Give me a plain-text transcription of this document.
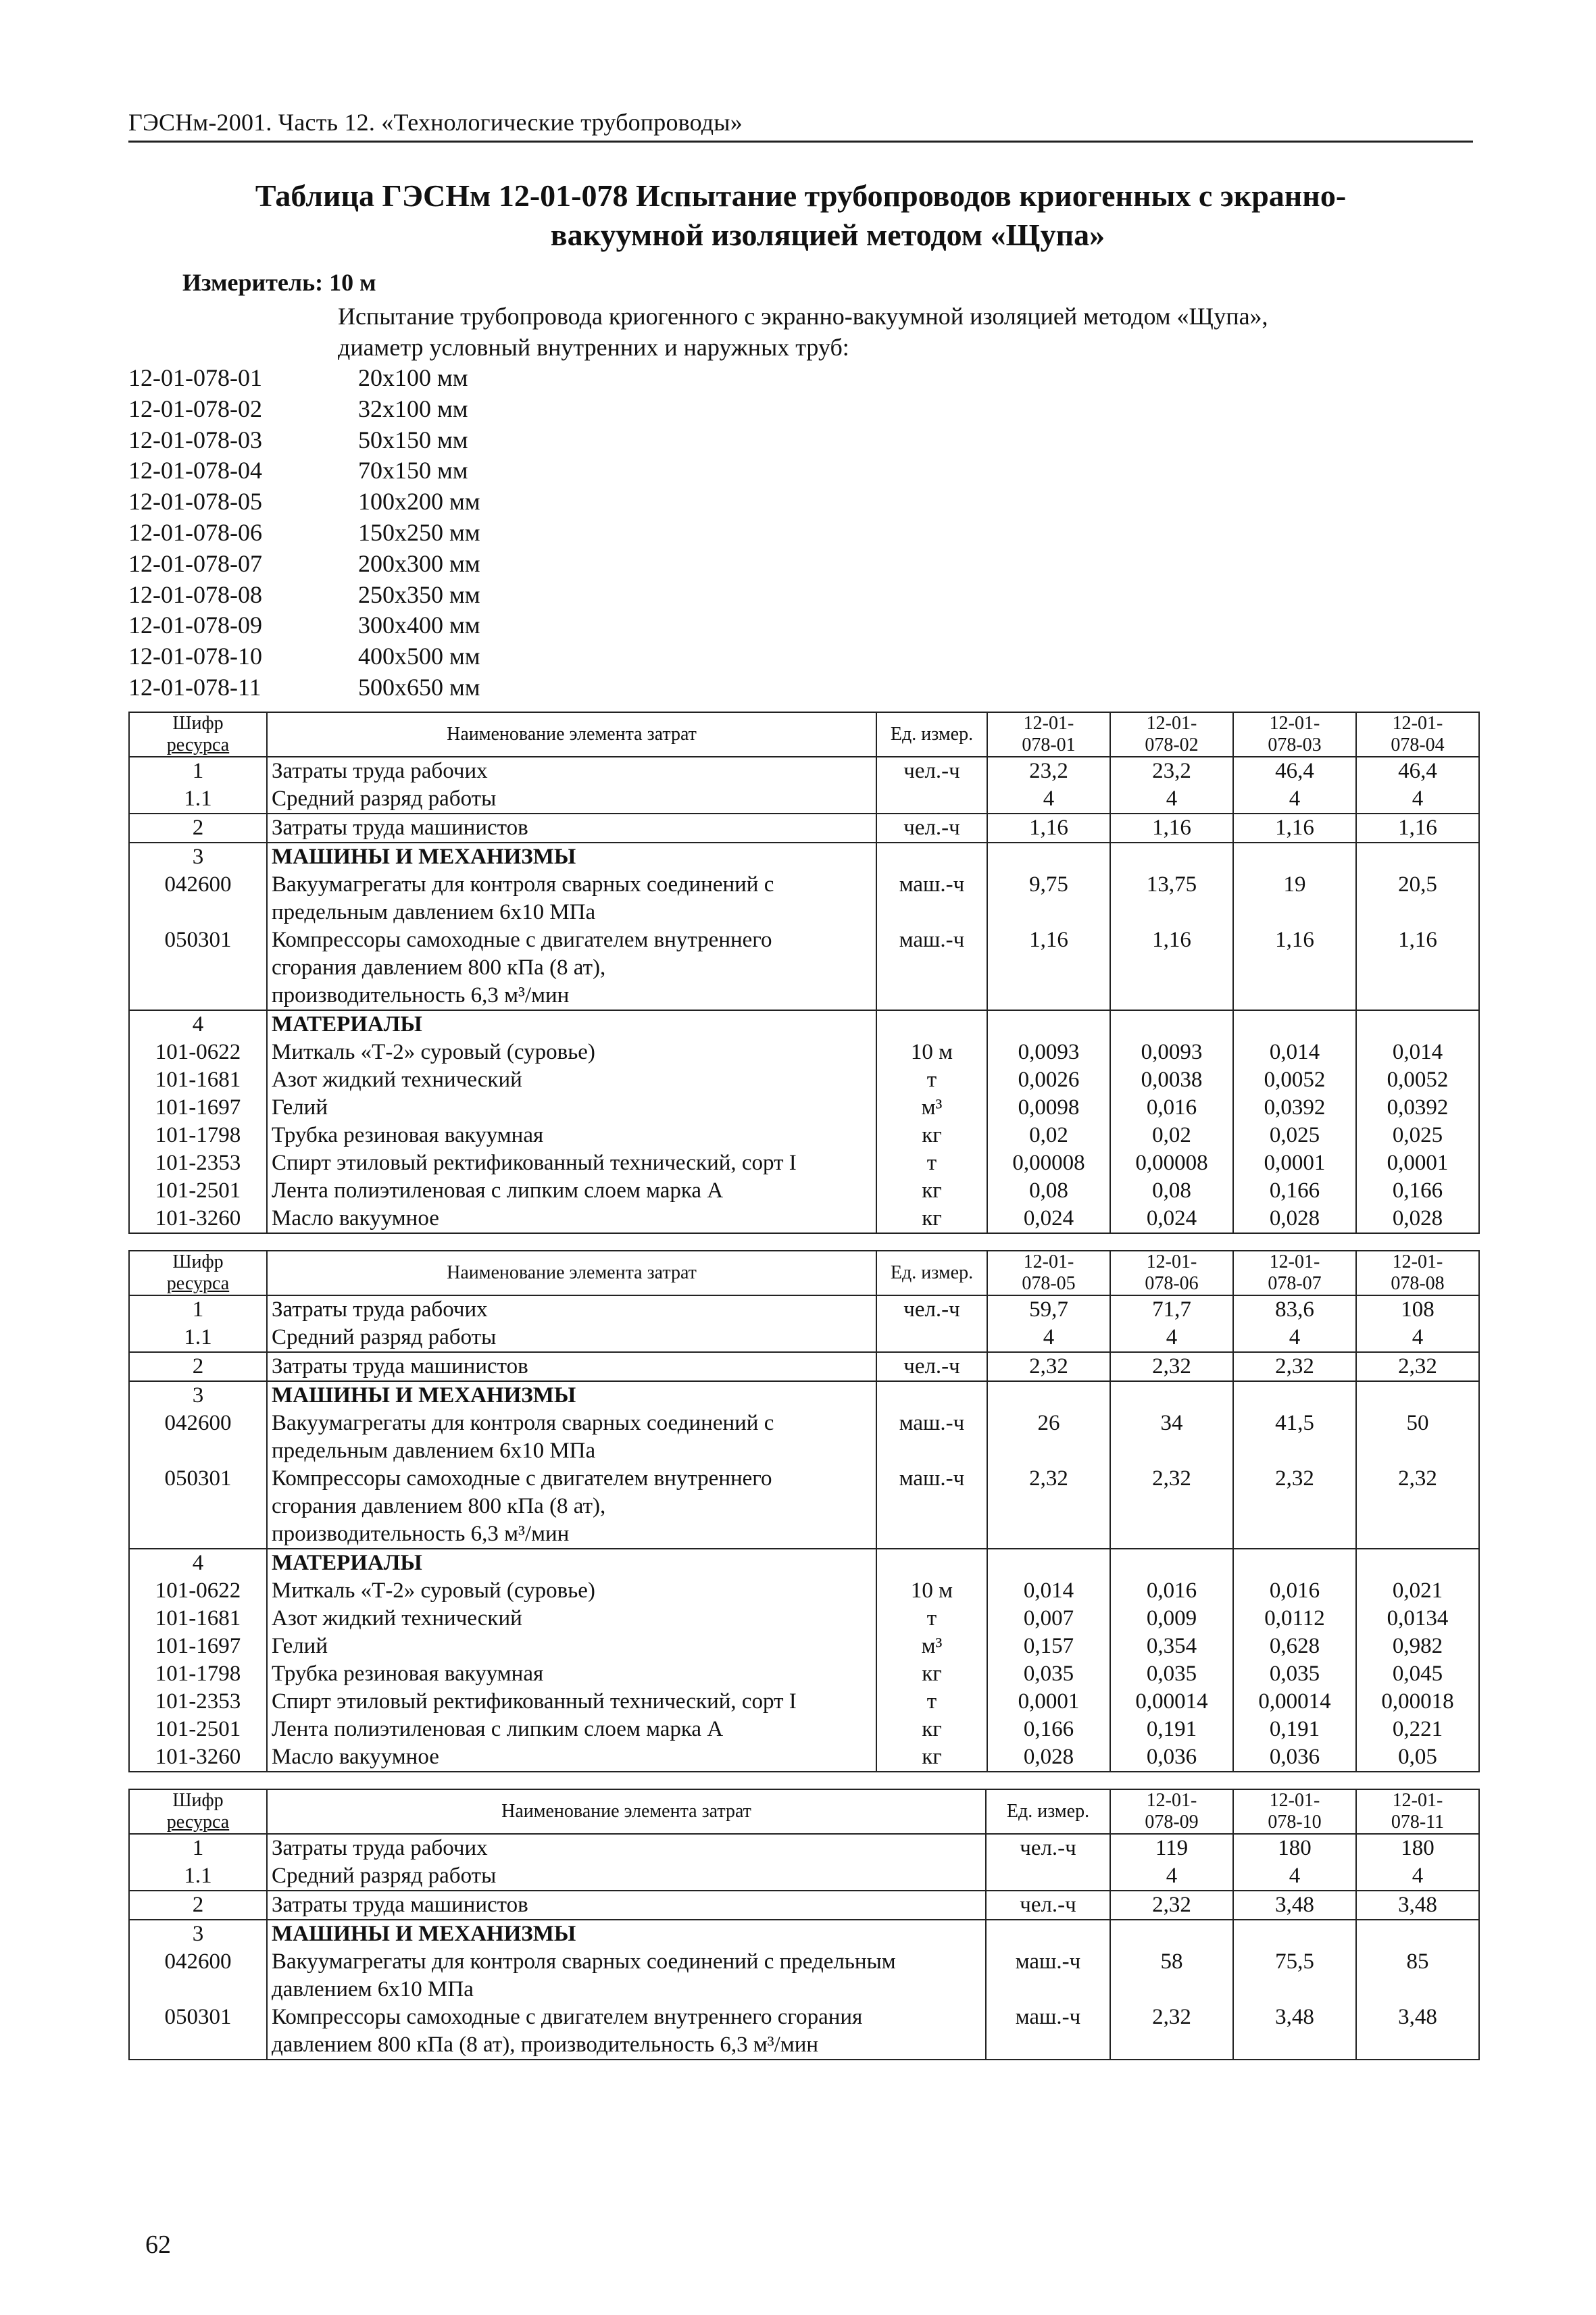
ГЭСНм-2001. Часть 12. «Технологические трубопроводы»
Таблица ГЭСНм 12-01-078 Испытание трубопроводов криогенных с экранно-
вакуумной изоляцией методом «Щупа»
Измеритель: 10 м
Испытание трубопровода криогенного с экранно-вакуумной изоляцией методом «Щупа»,
диаметр условный внутренних и наружных труб:
12-01-078-01	20х100 мм
12-01-078-02	32х100 мм
12-01-078-03	50х150 мм
12-01-078-04	70х150 мм
12-01-078-05	100х200 мм
12-01-078-06	150х250 мм
12-01-078-07	200х300 мм
12-01-078-08	250х350 мм
12-01-078-09	300х400 мм
12-01-078-10	400х500 мм
12-01-078-11	500х650 мм
Шифр
ресурса	Наименование элемента затрат	Ед. измер.	12-01-
078-01	12-01-
078-02	12-01-
078-03	12-01-
078-04
1	Затраты труда рабочих	чел.-ч	23,2	23,2	46,4	46,4
1.1	Средний разряд работы		4	4	4	4
2	Затраты труда машинистов	чел.-ч	1,16	1,16	1,16	1,16
3	МАШИНЫ И МЕХАНИЗМЫ					
042600	Вакуумагрегаты для контроля сварных соединений с
предельным давлением 6х10 МПа	маш.-ч	9,75	13,75	19	20,5
050301	Компрессоры самоходные с двигателем внутреннего
сгорания давлением 800 кПа (8 ат),
производительность 6,3 м³/мин	маш.-ч	1,16	1,16	1,16	1,16
4	МАТЕРИАЛЫ					
101-0622	Миткаль «Т-2» суровый (суровье)	10 м	0,0093	0,0093	0,014	0,014
101-1681	Азот жидкий технический	т	0,0026	0,0038	0,0052	0,0052
101-1697	Гелий	м³	0,0098	0,016	0,0392	0,0392
101-1798	Трубка резиновая вакуумная	кг	0,02	0,02	0,025	0,025
101-2353	Спирт этиловый ректификованный технический, сорт I	т	0,00008	0,00008	0,0001	0,0001
101-2501	Лента полиэтиленовая с липким слоем марка А	кг	0,08	0,08	0,166	0,166
101-3260	Масло вакуумное	кг	0,024	0,024	0,028	0,028
Шифр
ресурса	Наименование элемента затрат	Ед. измер.	12-01-
078-05	12-01-
078-06	12-01-
078-07	12-01-
078-08
1	Затраты труда рабочих	чел.-ч	59,7	71,7	83,6	108
1.1	Средний разряд работы		4	4	4	4
2	Затраты труда машинистов	чел.-ч	2,32	2,32	2,32	2,32
3	МАШИНЫ И МЕХАНИЗМЫ					
042600	Вакуумагрегаты для контроля сварных соединений с
предельным давлением 6х10 МПа	маш.-ч	26	34	41,5	50
050301	Компрессоры самоходные с двигателем внутреннего
сгорания давлением 800 кПа (8 ат),
производительность 6,3 м³/мин	маш.-ч	2,32	2,32	2,32	2,32
4	МАТЕРИАЛЫ					
101-0622	Миткаль «Т-2» суровый (суровье)	10 м	0,014	0,016	0,016	0,021
101-1681	Азот жидкий технический	т	0,007	0,009	0,0112	0,0134
101-1697	Гелий	м³	0,157	0,354	0,628	0,982
101-1798	Трубка резиновая вакуумная	кг	0,035	0,035	0,035	0,045
101-2353	Спирт этиловый ректификованный технический, сорт I	т	0,0001	0,00014	0,00014	0,00018
101-2501	Лента полиэтиленовая с липким слоем марка А	кг	0,166	0,191	0,191	0,221
101-3260	Масло вакуумное	кг	0,028	0,036	0,036	0,05
Шифр
ресурса	Наименование элемента затрат	Ед. измер.	12-01-
078-09	12-01-
078-10	12-01-
078-11
1	Затраты труда рабочих	чел.-ч	119	180	180
1.1	Средний разряд работы		4	4	4
2	Затраты труда машинистов	чел.-ч	2,32	3,48	3,48
3	МАШИНЫ И МЕХАНИЗМЫ				
042600	Вакуумагрегаты для контроля сварных соединений с предельным
давлением 6х10 МПа	маш.-ч	58	75,5	85
050301	Компрессоры самоходные с двигателем внутреннего сгорания
давлением 800 кПа (8 ат), производительность 6,3 м³/мин	маш.-ч	2,32	3,48	3,48
62
